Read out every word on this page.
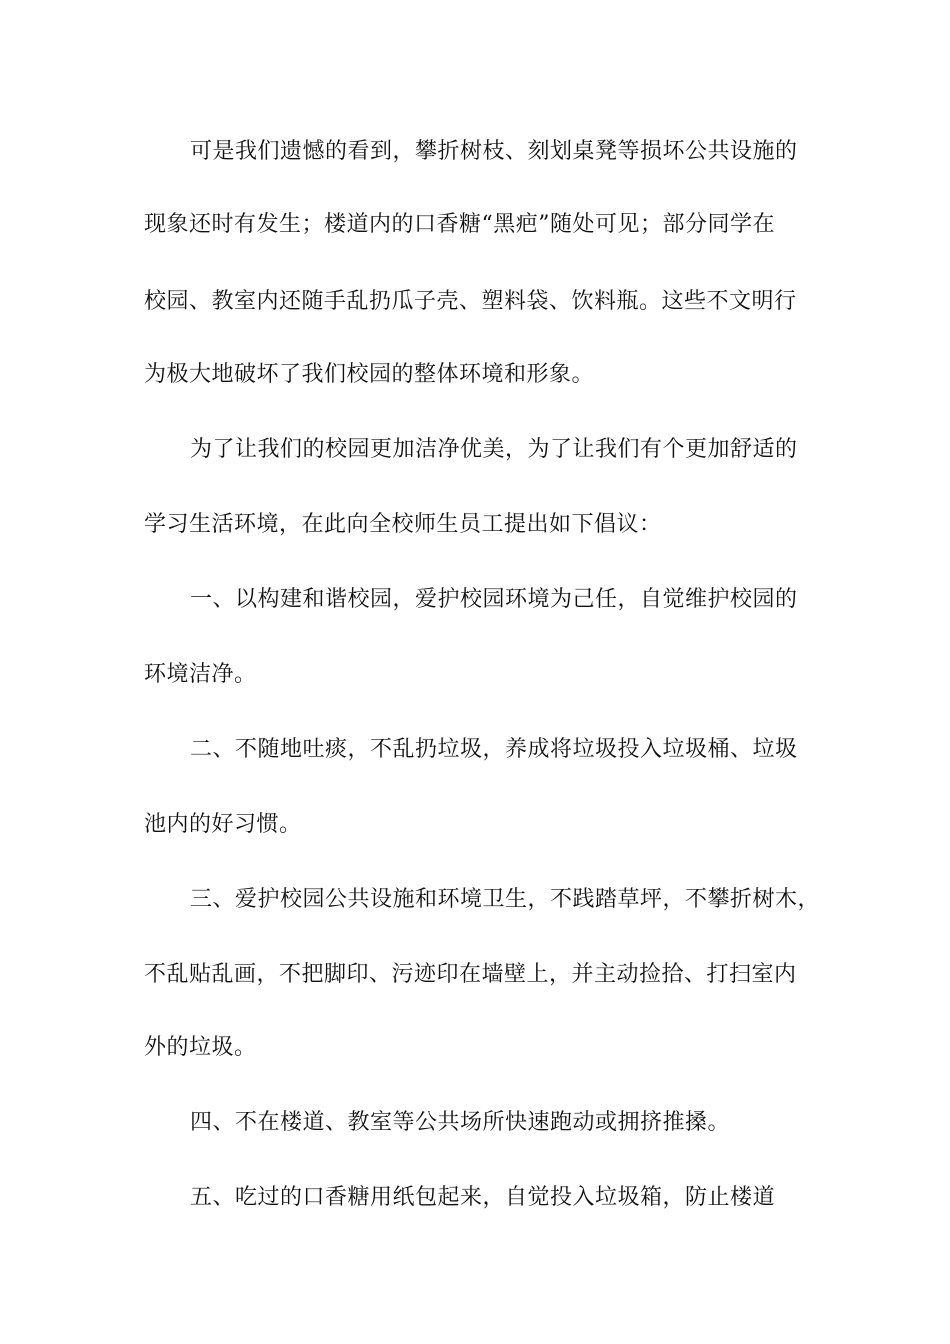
可是我们遗憾的看到，攀折树枝、刻划桌凳等损坏公共设施的
现象还时有发生；楼道内的口香糖“黑疤”随处可见；部分同学在
校园、教室内还随手乱扔瓜子壳、塑料袋、饮料瓶。这些不文明行
为极大地破坏了我们校园的整体环境和形象。
为了让我们的校园更加洁净优美，为了让我们有个更加舒适的
学习生活环境，在此向全校师生员工提出如下倡议：
一、以构建和谐校园，爱护校园环境为己任，自觉维护校园的
环境洁净。
二、不随地吐痰，不乱扔垃圾，养成将垃圾投入垃圾桶、垃圾
池内的好习惯。
三、爱护校园公共设施和环境卫生，不践踏草坪，不攀折树木，
不乱贴乱画，不把脚印、污迹印在墙壁上，并主动捡拾、打扫室内
外的垃圾。
四、不在楼道、教室等公共场所快速跑动或拥挤推搡。
五、吃过的口香糖用纸包起来，自觉投入垃圾箱，防止楼道
